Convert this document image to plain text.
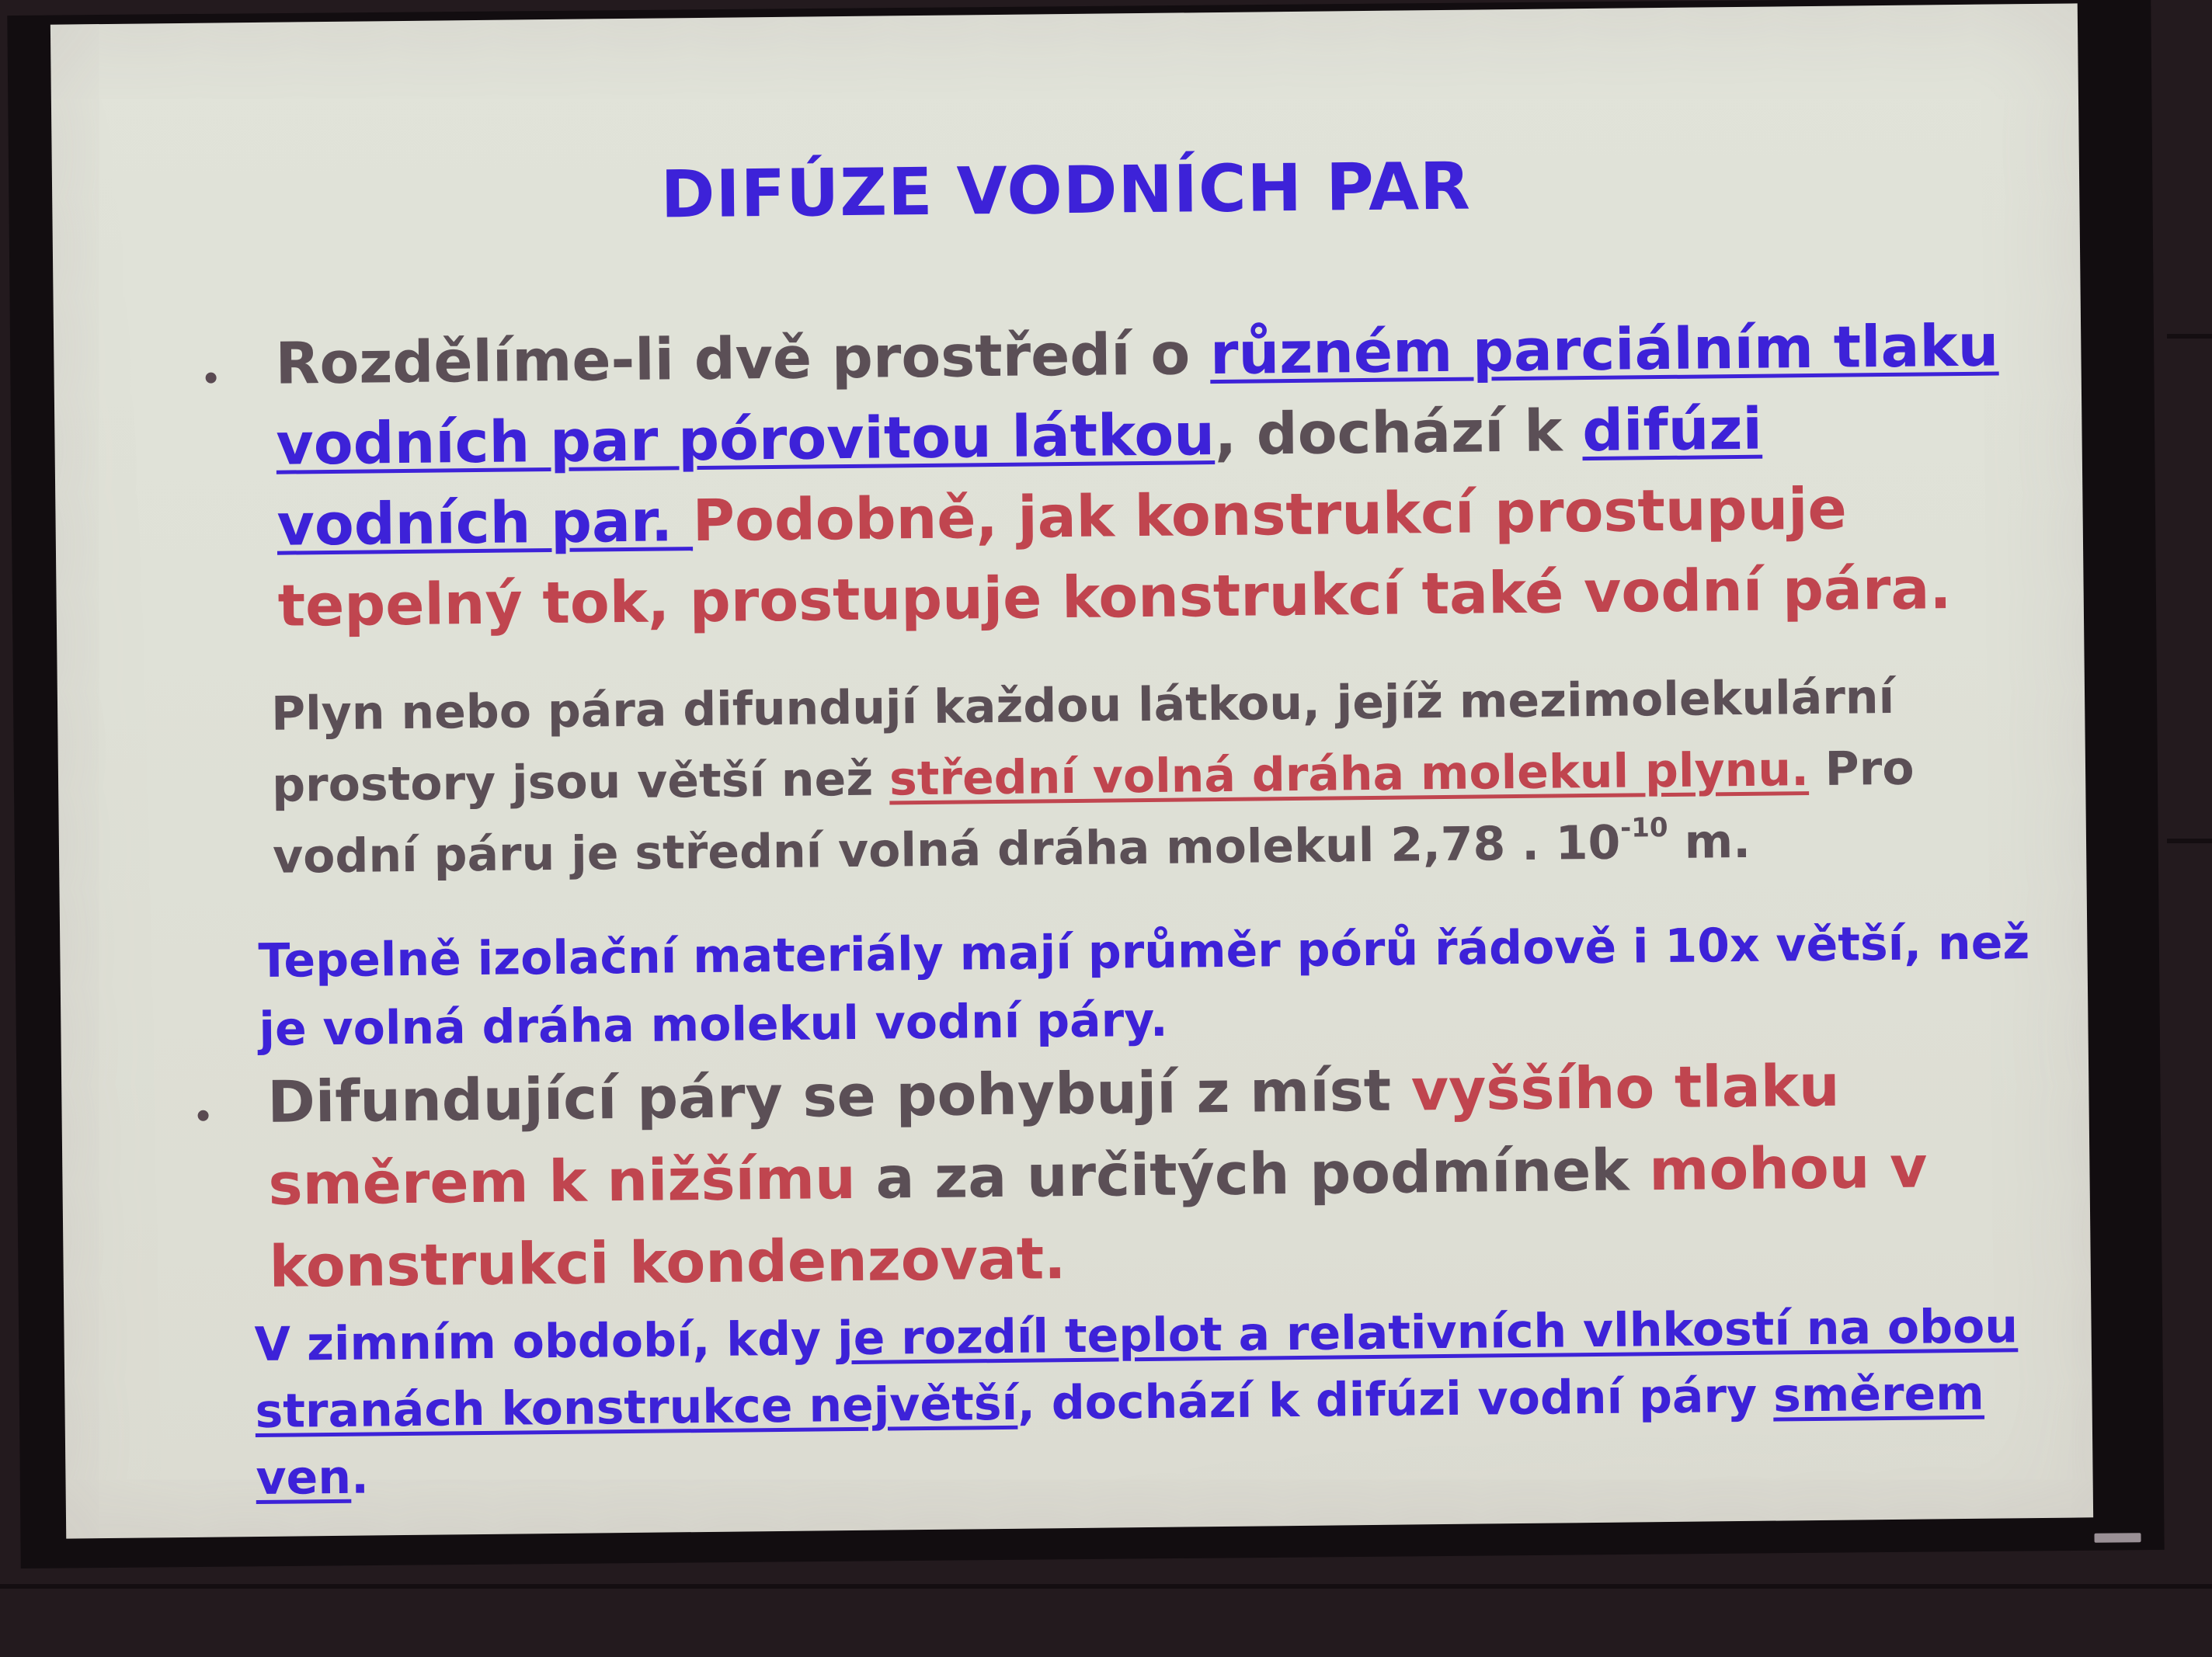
DIFÚZE VODNÍCH PAR

Rozdělíme-li dvě prostředí o různém parciálním tlaku vodních par pórovitou látkou, dochází k difúzi vodních par. Podobně, jak konstrukcí prostupuje tepelný tok, prostupuje konstrukcí také vodní pára.

Plyn nebo pára difundují každou látkou, jejíž mezimolekulární prostory jsou větší než střední volná dráha molekul plynu. Pro vodní páru je střední volná dráha molekul 2,78 . $10^{-10}$ m.

Tepelně izolační materiály mají průměr pórů řádově i 10x větší, než je volná dráha molekul vodní páry.

Difundující páry se pohybují z míst vyššího tlaku směrem k nižšímu a za určitých podmínek mohou v konstrukci kondenzovat.

V zimním období, kdy je rozdíl teplot a relativních vlhkostí na obou stranách konstrukce největší, dochází k difúzi vodní páry směrem ven.
